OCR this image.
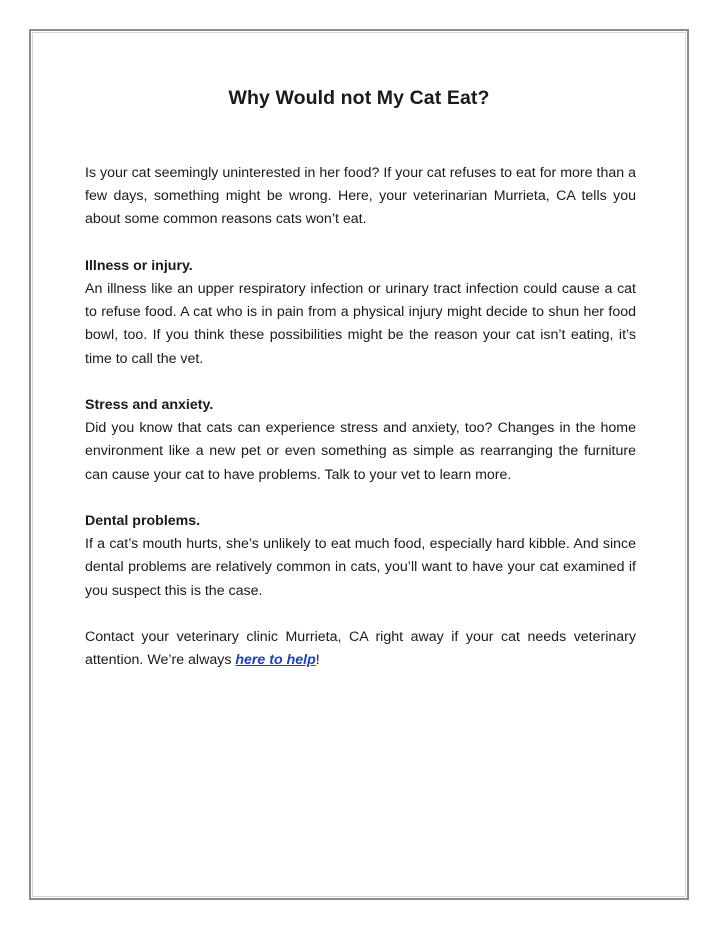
Why Would not My Cat Eat?

Is your cat seemingly uninterested in her food? If your cat refuses to eat for more than a few days, something might be wrong. Here, your veterinarian Murrieta, CA tells you about some common reasons cats won’t eat.

Illness or injury.
An illness like an upper respiratory infection or urinary tract infection could cause a cat to refuse food. A cat who is in pain from a physical injury might decide to shun her food bowl, too. If you think these possibilities might be the reason your cat isn’t eating, it’s time to call the vet.
Stress and anxiety.
Did you know that cats can experience stress and anxiety, too? Changes in the home environment like a new pet or even something as simple as rearranging the furniture can cause your cat to have problems. Talk to your vet to learn more.
Dental problems.
If a cat’s mouth hurts, she’s unlikely to eat much food, especially hard kibble. And since dental problems are relatively common in cats, you’ll want to have your cat examined if you suspect this is the case.

Contact your veterinary clinic Murrieta, CA right away if your cat needs veterinary attention. We’re always here to help!
